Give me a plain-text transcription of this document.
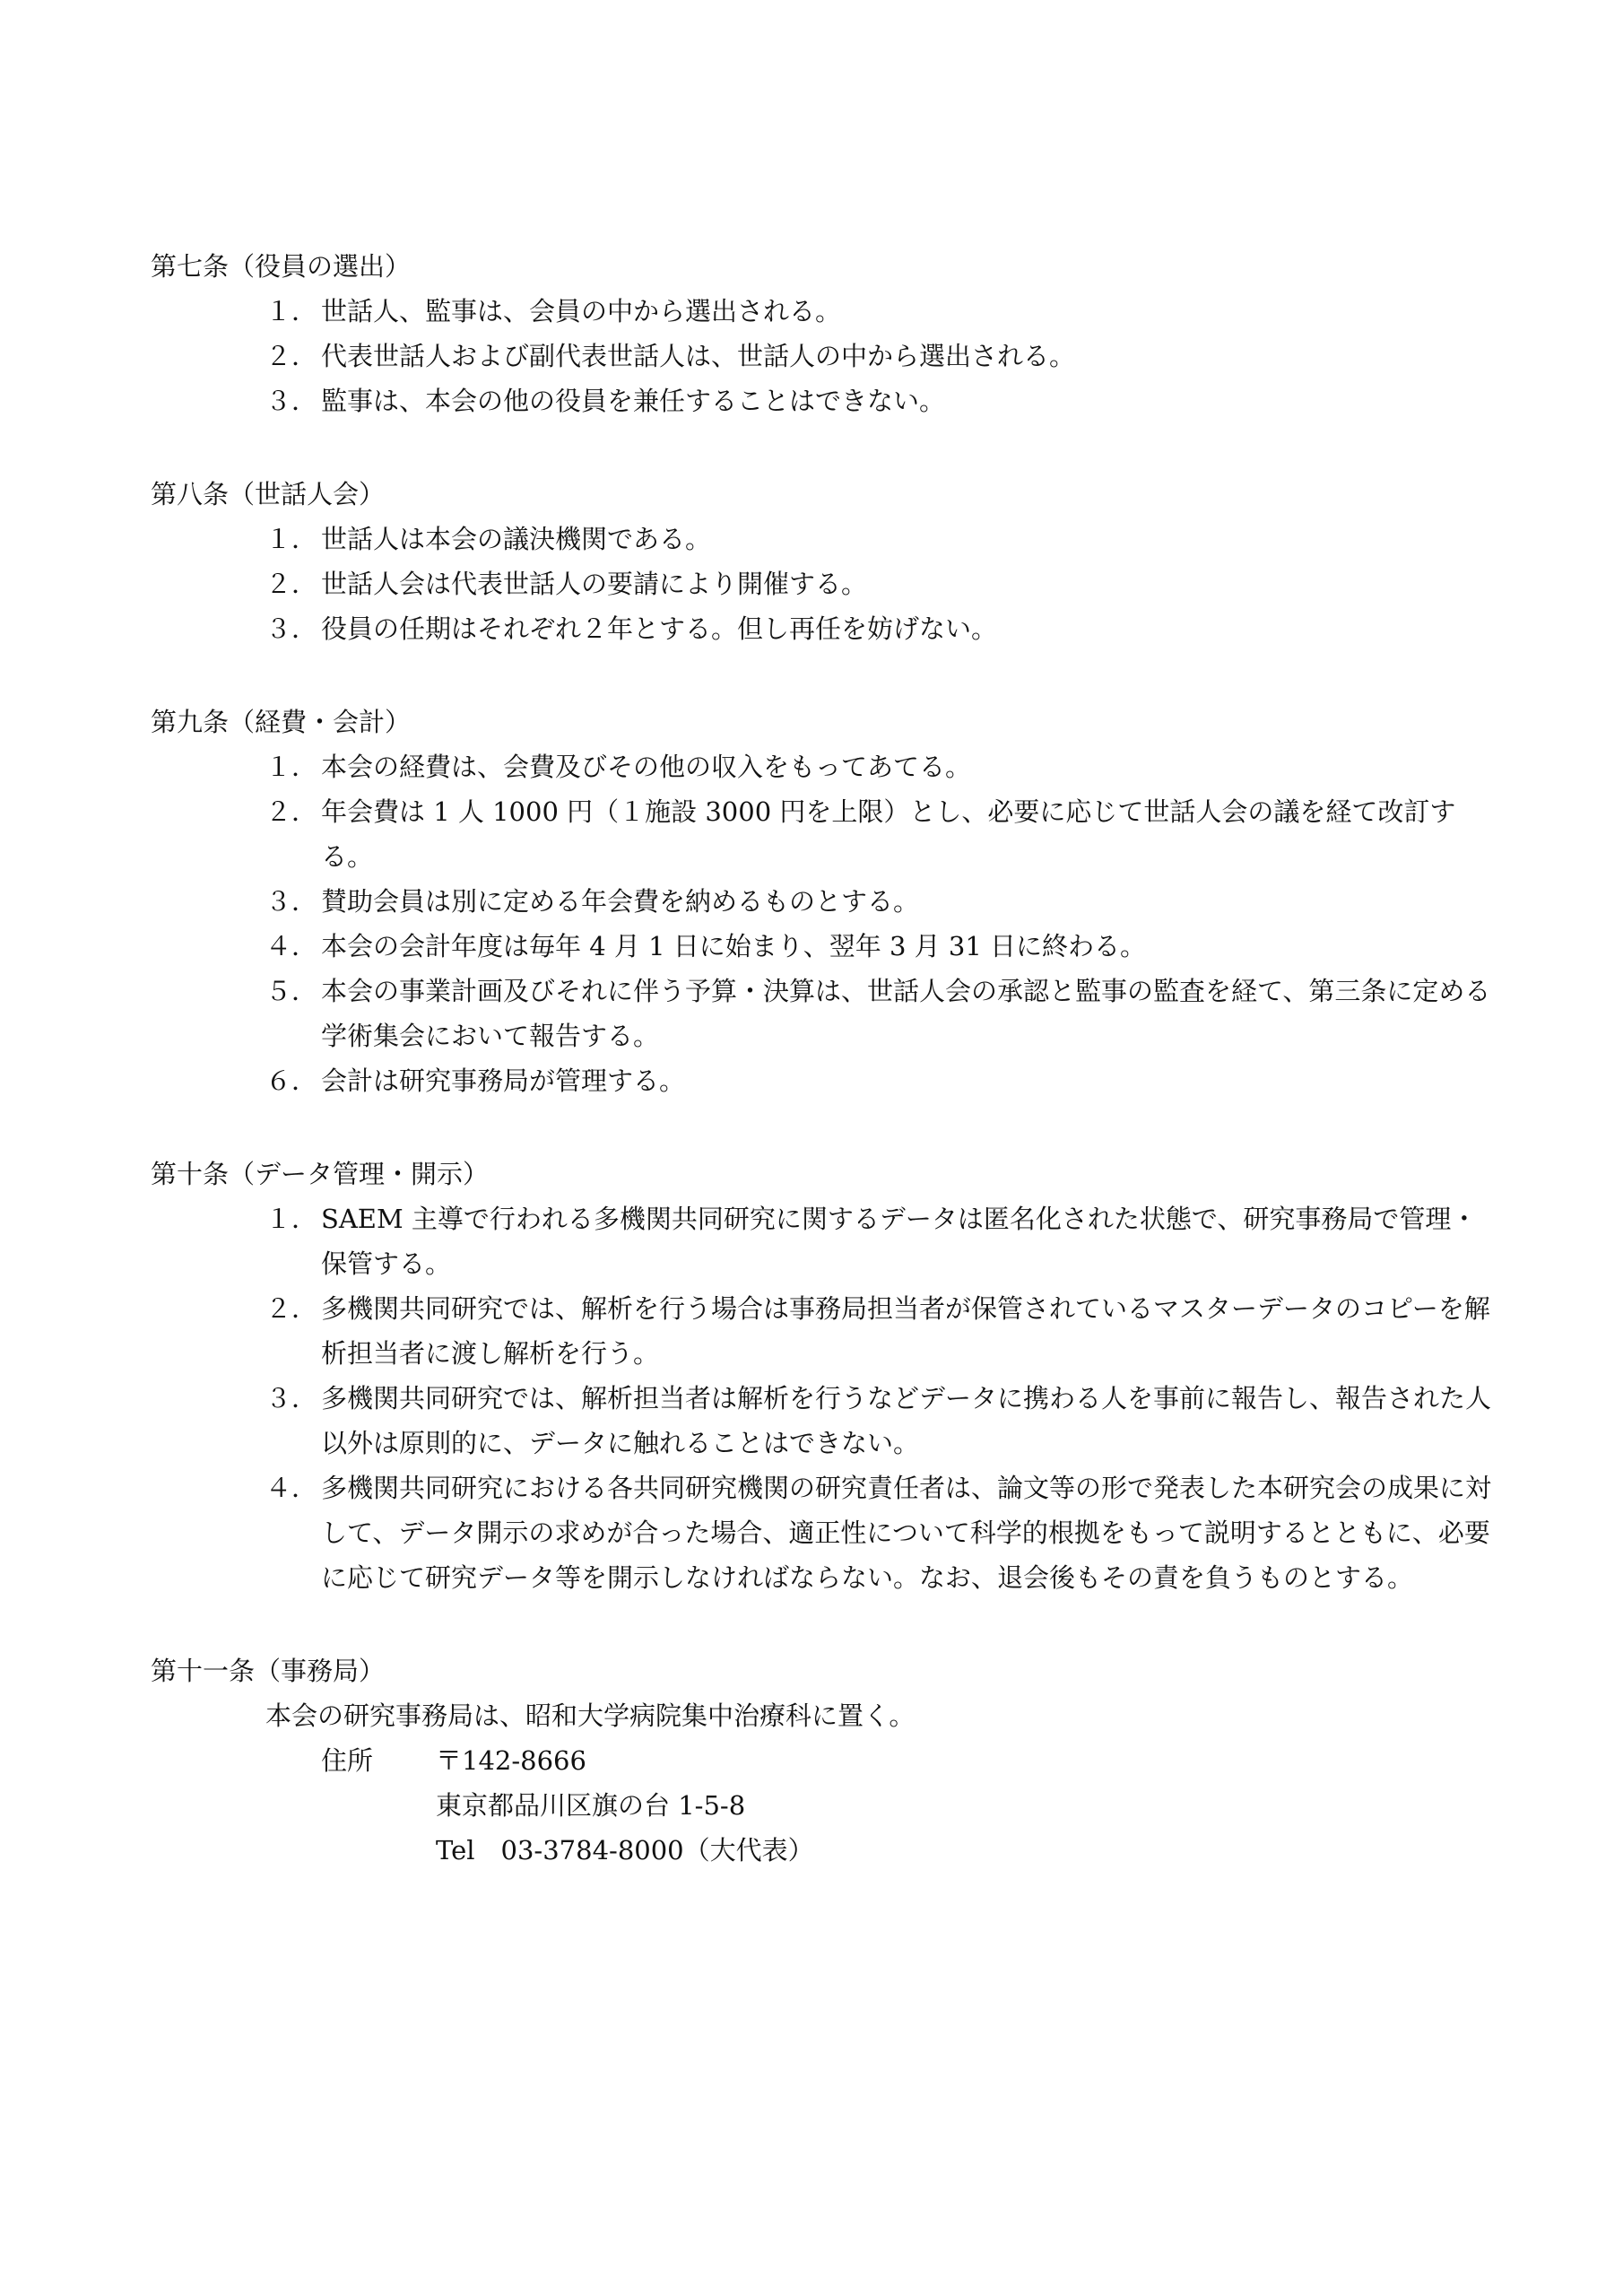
第七条（役員の選出）
１． 世話人、監事は、会員の中から選出される。
２． 代表世話人および副代表世話人は、世話人の中から選出される。
３． 監事は、本会の他の役員を兼任することはできない。
第八条（世話人会）
１． 世話人は本会の議決機関である。
２． 世話人会は代表世話人の要請により開催する。
３． 役員の任期はそれぞれ２年とする。但し再任を妨げない。
第九条（経費・会計）
１． 本会の経費は、会費及びその他の収入をもってあてる。
２． 年会費は 1 人 1000 円（１施設 3000 円を上限）とし、必要に応じて世話人会の議を経て改訂する。
３． 賛助会員は別に定める年会費を納めるものとする。
４． 本会の会計年度は毎年 4 月 1 日に始まり、翌年 3 月 31 日に終わる。
５． 本会の事業計画及びそれに伴う予算・決算は、世話人会の承認と監事の監査を経て、第三条に定める学術集会において報告する。
６． 会計は研究事務局が管理する。
第十条（データ管理・開示）
１． SAEM 主導で行われる多機関共同研究に関するデータは匿名化された状態で、研究事務局で管理・保管する。
２． 多機関共同研究では、解析を行う場合は事務局担当者が保管されているマスターデータのコピーを解析担当者に渡し解析を行う。
３． 多機関共同研究では、解析担当者は解析を行うなどデータに携わる人を事前に報告し、報告された人以外は原則的に、データに触れることはできない。
４． 多機関共同研究における各共同研究機関の研究責任者は、論文等の形で発表した本研究会の成果に対して、データ開示の求めが合った場合、適正性について科学的根拠をもって説明するとともに、必要に応じて研究データ等を開示しなければならない。なお、退会後もその責を負うものとする。
第十一条（事務局）
本会の研究事務局は、昭和大学病院集中治療科に置く。
住所	〒142-8666
東京都品川区旗の台 1-5-8
Tel　03-3784-8000（大代表）
